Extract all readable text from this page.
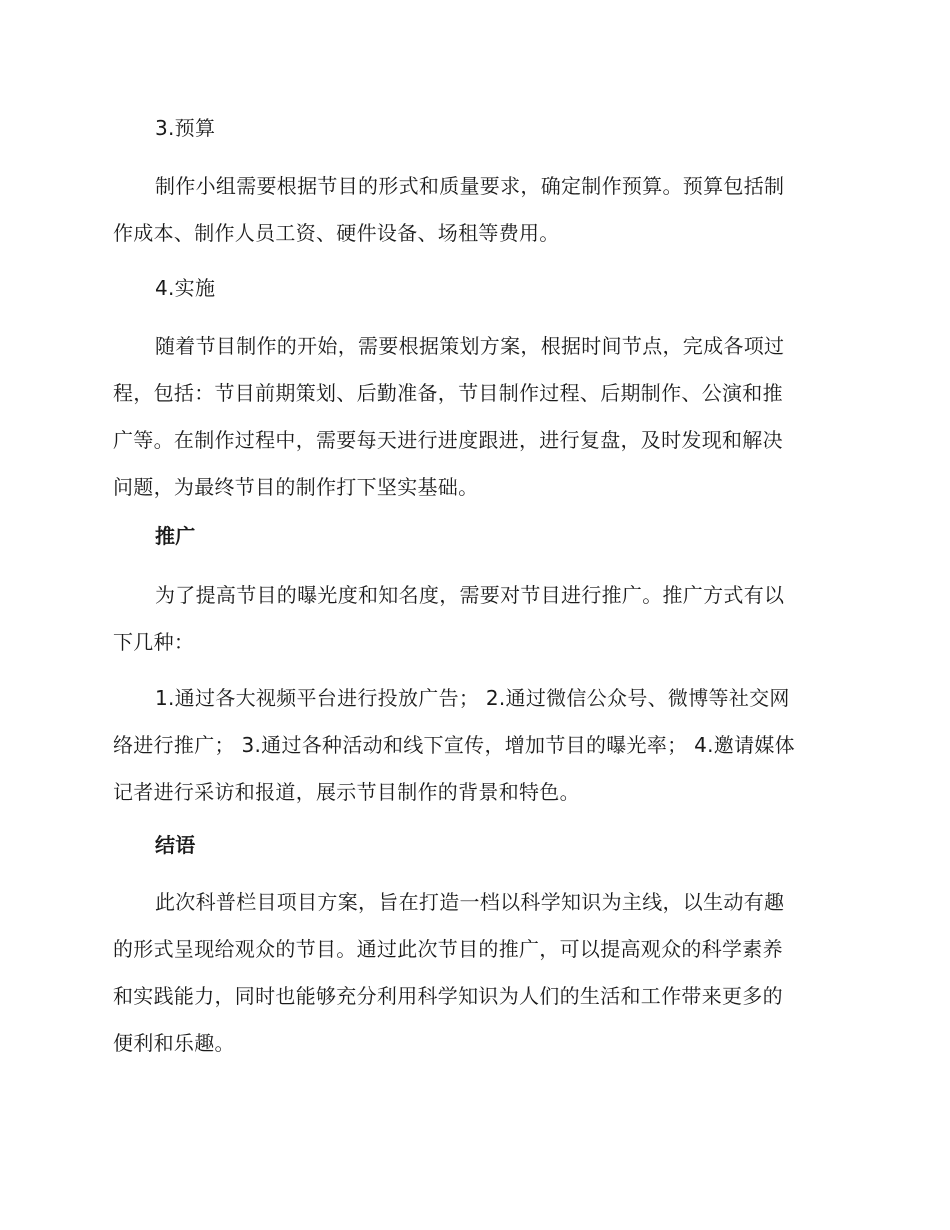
3.预算
制作小组需要根据节目的形式和质量要求，确定制作预算。预算包括制
作成本、制作人员工资、硬件设备、场租等费用。
4.实施
随着节目制作的开始，需要根据策划方案，根据时间节点，完成各项过
程，包括：节目前期策划、后勤准备，节目制作过程、后期制作、公演和推
广等。在制作过程中，需要每天进行进度跟进，进行复盘，及时发现和解决
问题，为最终节目的制作打下坚实基础。
推广
为了提高节目的曝光度和知名度，需要对节目进行推广。推广方式有以
下几种：
1.通过各大视频平台进行投放广告； 2.通过微信公众号、微博等社交网
络进行推广； 3.通过各种活动和线下宣传，增加节目的曝光率； 4.邀请媒体
记者进行采访和报道，展示节目制作的背景和特色。
结语
此次科普栏目项目方案，旨在打造一档以科学知识为主线，以生动有趣
的形式呈现给观众的节目。通过此次节目的推广，可以提高观众的科学素养
和实践能力，同时也能够充分利用科学知识为人们的生活和工作带来更多的
便利和乐趣。
